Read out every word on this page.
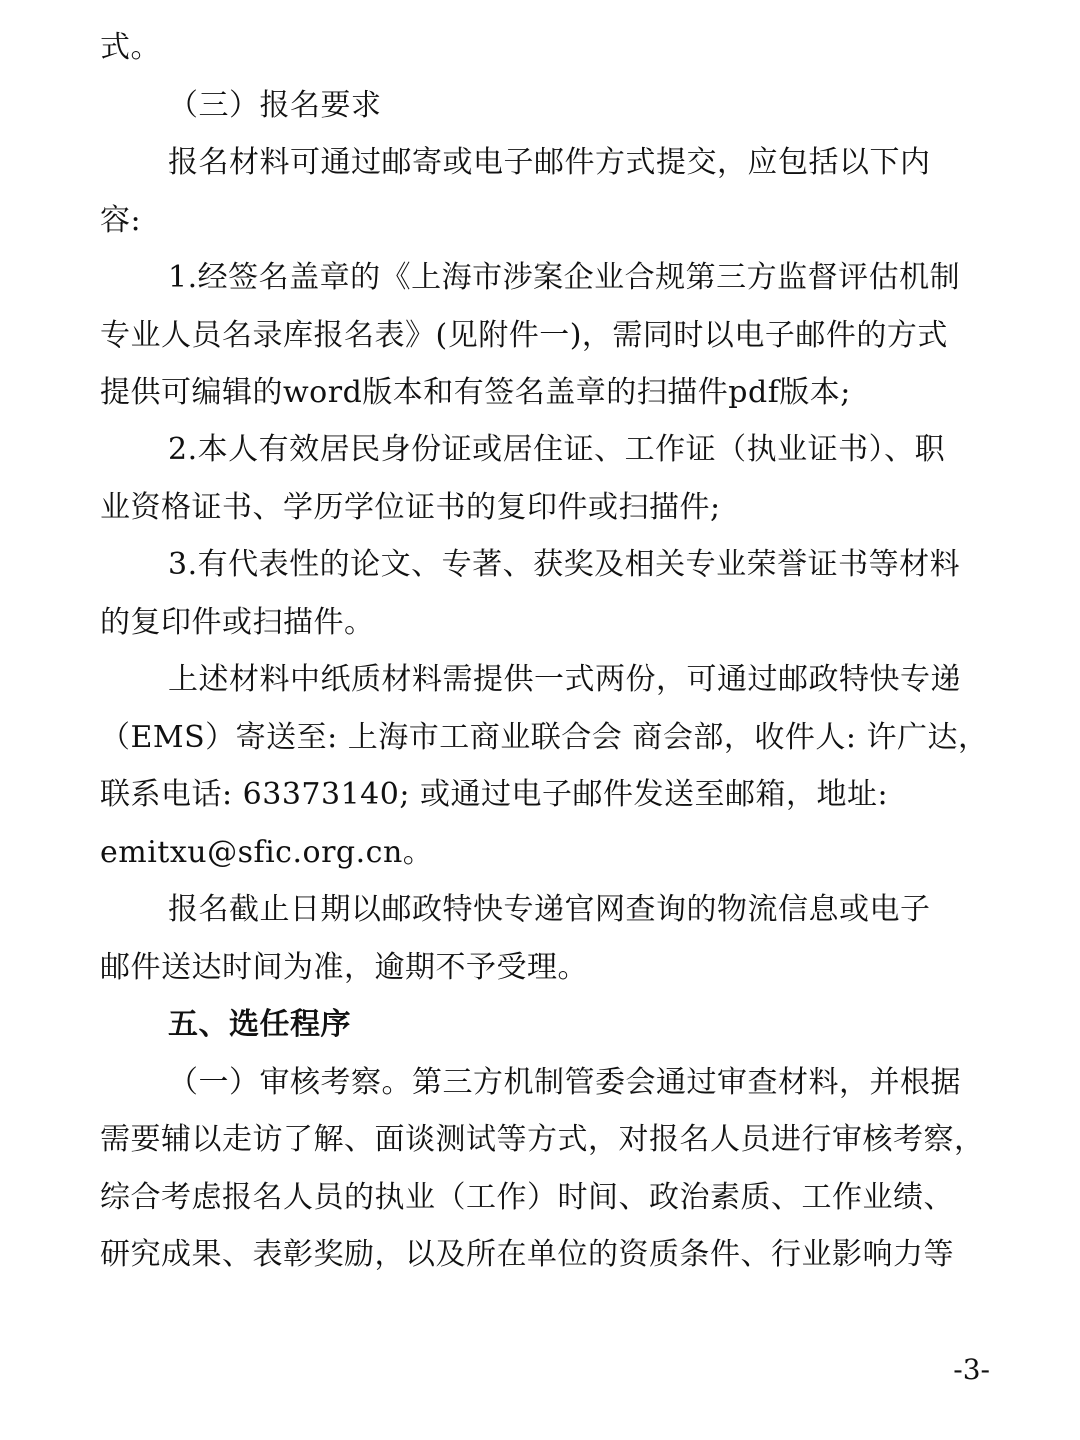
式。
（三）报名要求
报名材料可通过邮寄或电子邮件方式提交，应包括以下内
容:
1.经签名盖章的《上海市涉案企业合规第三方监督评估机制
专业人员名录库报名表》(见附件一)，需同时以电子邮件的方式
提供可编辑的word版本和有签名盖章的扫描件pdf版本;
2.本人有效居民身份证或居住证、工作证（执业证书）、职
业资格证书、学历学位证书的复印件或扫描件;
3.有代表性的论文、专著、获奖及相关专业荣誉证书等材料
的复印件或扫描件。
上述材料中纸质材料需提供一式两份，可通过邮政特快专递
（EMS）寄送至: 上海市工商业联合会 商会部，收件人: 许广达，
联系电话: 63373140; 或通过电子邮件发送至邮箱，地址:
emitxu@sfic.org.cn。
报名截止日期以邮政特快专递官网查询的物流信息或电子
邮件送达时间为准，逾期不予受理。
五、选任程序
（一）审核考察。第三方机制管委会通过审查材料，并根据
需要辅以走访了解、面谈测试等方式，对报名人员进行审核考察，
综合考虑报名人员的执业（工作）时间、政治素质、工作业绩、
研究成果、表彰奖励，以及所在单位的资质条件、行业影响力等
-3-
